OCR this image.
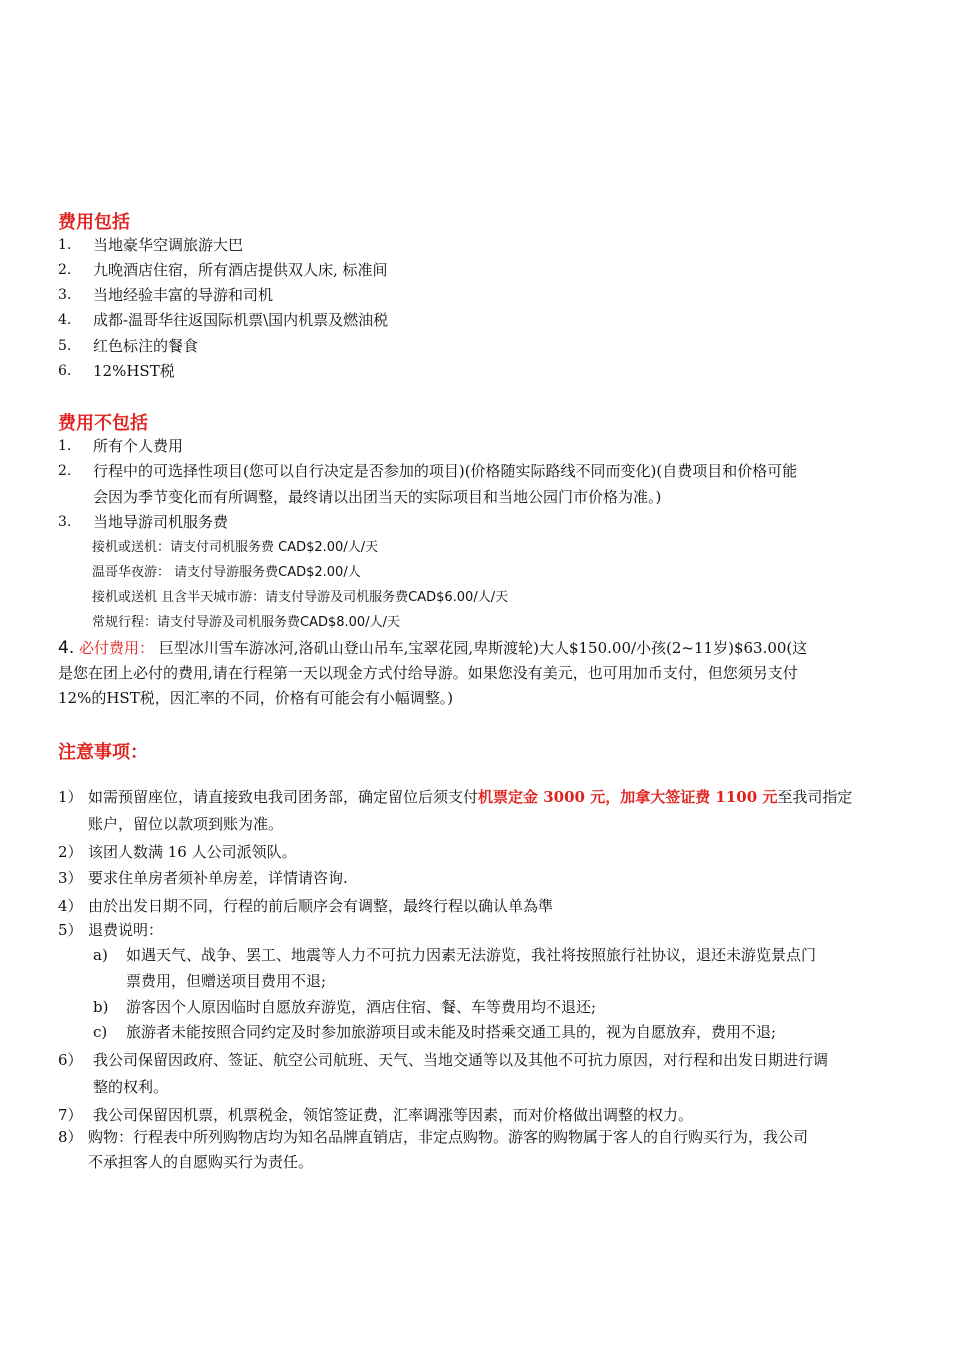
费用包括
1. 当地豪华空调旅游大巴
2. 九晚酒店住宿，所有酒店提供双人床, 标准间
3. 当地经验丰富的导游和司机
4. 成都-温哥华往返国际机票\国内机票及燃油税
5. 红色标注的餐食
6. 12%HST税
费用不包括
1. 所有个人费用
2. 行程中的可选择性项目(您可以自行决定是否参加的项目)(价格随实际路线不同而变化)(自费项目和价格可能
会因为季节变化而有所调整，最终请以出团当天的实际项目和当地公园门市价格为准。)
3. 当地导游司机服务费
接机或送机：请支付司机服务费 CAD$2.00/人/天
温哥华夜游： 请支付导游服务费CAD$2.00/人
接机或送机 且含半天城市游：请支付导游及司机服务费CAD$6.00/人/天
常规行程：请支付导游及司机服务费CAD$8.00/人/天
4. 必付费用： 巨型冰川雪车游冰河,洛矶山登山吊车,宝翠花园,卑斯渡轮)大人$150.00/小孩(2~11岁)$63.00(这
是您在团上必付的费用,请在行程第一天以现金方式付给导游。如果您没有美元，也可用加币支付，但您须另支付
12%的HST税，因汇率的不同，价格有可能会有小幅调整。)
注意事项：
1） 如需预留座位，请直接致电我司团务部，确定留位后须支付机票定金 3000 元，加拿大签证费 1100 元至我司指定
账户，留位以款项到账为准。
2） 该团人数满 16 人公司派领队。
3） 要求住单房者须补单房差，详情请咨询.
4） 由於出发日期不同，行程的前后顺序会有调整，最终行程以确认单為準
5） 退费说明：
a) 如遇天气、战争、罢工、地震等人力不可抗力因素无法游览，我社将按照旅行社协议，退还未游览景点门
票费用，但赠送项目费用不退;
b) 游客因个人原因临时自愿放弃游览，酒店住宿、餐、车等费用均不退还;
c) 旅游者未能按照合同约定及时参加旅游项目或未能及时搭乘交通工具的，视为自愿放弃，费用不退;
6） 我公司保留因政府、签证、航空公司航班、天气、当地交通等以及其他不可抗力原因，对行程和出发日期进行调
整的权利。
7） 我公司保留因机票，机票税金，领馆签证费，汇率调涨等因素，而对价格做出调整的权力。
8） 购物：行程表中所列购物店均为知名品牌直销店，非定点购物。游客的购物属于客人的自行购买行为，我公司
不承担客人的自愿购买行为责任。
